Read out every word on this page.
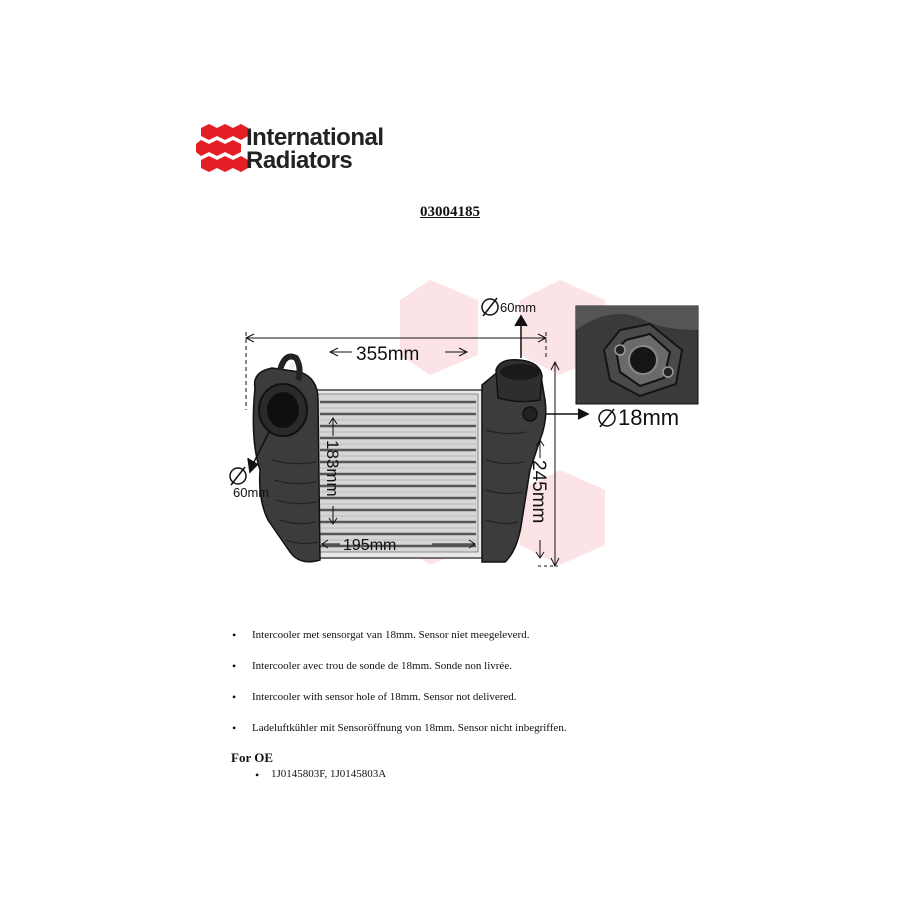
International
Radiators
03004185
355mm
60mm
60mm	245mm
183mm
195mm
18mm
• Intercooler met sensorgat van 18mm. Sensor niet meegeleverd.
• Intercooler avec trou de sonde de 18mm. Sonde non livrée.
• Intercooler with sensor hole of 18mm. Sensor not delivered.
• Ladeluftkühler mit Sensoröffnung von 18mm. Sensor nicht inbegriffen.
For OE
• 1J0145803F, 1J0145803A
